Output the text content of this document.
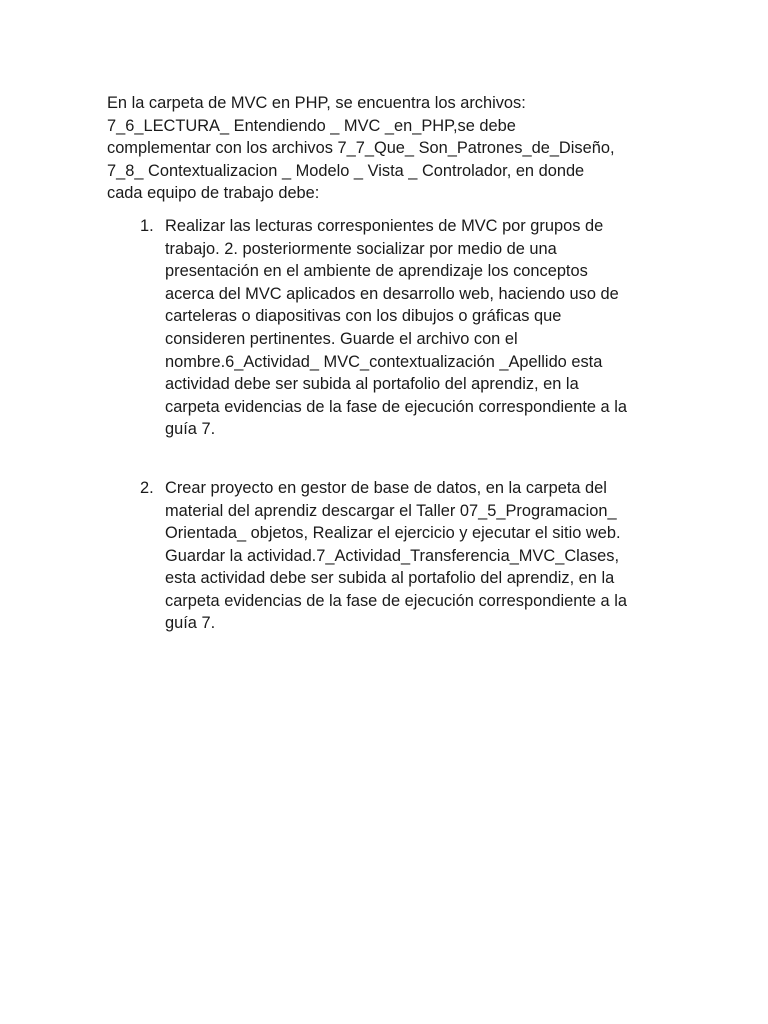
En la carpeta de MVC en PHP, se encuentra los archivos:
7_6_LECTURA_ Entendiendo _ MVC _en_PHP,se debe
complementar con los archivos 7_7_Que_ Son_Patrones_de_Diseño,
7_8_ Contextualizacion _ Modelo _ Vista _ Controlador, en donde
cada equipo de trabajo debe:

1. Realizar las lecturas corresponientes de MVC por grupos de
trabajo. 2. posteriormente socializar por medio de una
presentación en el ambiente de aprendizaje los conceptos
acerca del MVC aplicados en desarrollo web, haciendo uso de
carteleras o diapositivas con los dibujos o gráficas que
consideren pertinentes. Guarde el archivo con el
nombre.6_Actividad_ MVC_contextualización _Apellido esta
actividad debe ser subida al portafolio del aprendiz, en la
carpeta evidencias de la fase de ejecución correspondiente a la
guía 7.
2. Crear proyecto en gestor de base de datos, en la carpeta del
material del aprendiz descargar el Taller 07_5_Programacion_
Orientada_ objetos, Realizar el ejercicio y ejecutar el sitio web.
Guardar la actividad.7_Actividad_Transferencia_MVC_Clases,
esta actividad debe ser subida al portafolio del aprendiz, en la
carpeta evidencias de la fase de ejecución correspondiente a la
guía 7.
